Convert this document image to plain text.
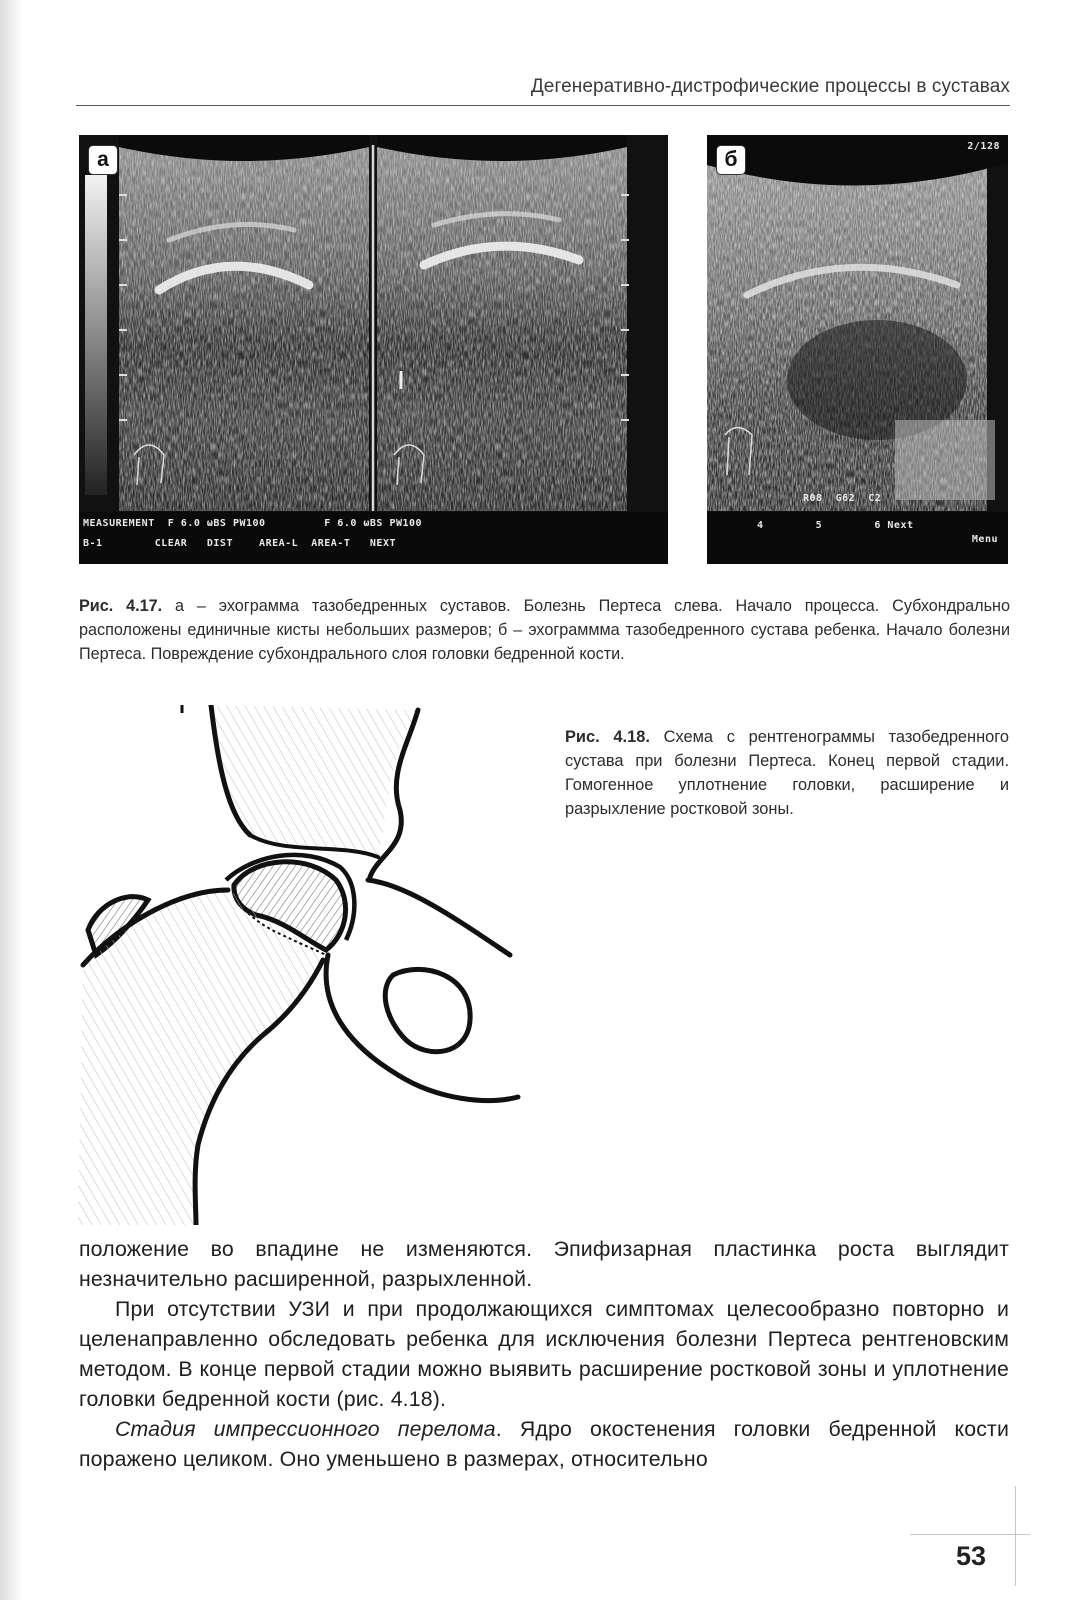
Дегенеративно-дистрофические процессы в суставах
а
MEASUREMENT  F 6.0 ωBS PW100         F 6.0 ωBS PW100
B-1        CLEAR   DIST    AREA-L  AREA-T   NEXT
б
2/128
R08  G62  C2
4        5        6 Next
Menu
Рис. 4.17. а – эхограмма тазобедренных суставов. Болезнь Пертеса слева. Начало процесса. Субхондрально расположены единичные кисты небольших размеров; б – эхограммма тазобедренного сустава ребенка. Начало болезни Пертеса. Повреждение субхондрального слоя головки бедренной кости.
Рис. 4.18. Схема с рентгенограммы тазобедренного сустава при болезни Пертеса. Конец первой стадии. Гомогенное уплотнение головки, расширение и разрыхление ростковой зоны.

положение во впадине не изменяются. Эпифизарная пластинка роста выглядит незначительно расширенной, разрыхленной.

При отсутствии УЗИ и при продолжающихся симптомах целесообразно повторно и целенаправленно обследовать ребенка для исключения болезни Пертеса рентгеновским методом. В конце первой стадии можно выявить расширение ростковой зоны и уплотнение головки бедренной кости (рис. 4.18).

Стадия импрессионного перелома. Ядро окостенения головки бедренной кости поражено целиком. Оно уменьшено в размерах, относительно

53
